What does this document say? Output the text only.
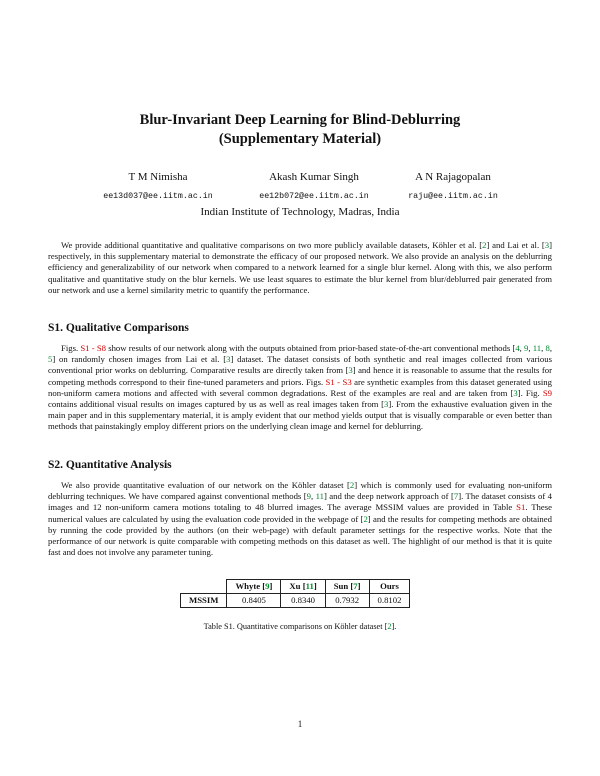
Blur-Invariant Deep Learning for Blind-Deblurring
(Supplementary Material)
T M Nimisha
ee13d037@ee.iitm.ac.in
Akash Kumar Singh
ee12b072@ee.iitm.ac.in
A N Rajagopalan
raju@ee.iitm.ac.in
Indian Institute of Technology, Madras, India

We provide additional quantitative and qualitative comparisons on two more publicly available datasets, Köhler et al. [2] and Lai et al. [3] respectively, in this supplementary material to demonstrate the efficacy of our proposed network. We also provide an analysis on the deblurring efficiency and generalizability of our network when compared to a network learned for a single blur kernel. Along with this, we also perform qualitative and quantitative study on the blur kernels. We use least squares to estimate the blur kernel from blur/deblurred pair generated from our network and use a kernel similarity metric to quantify the performance.

S1. Qualitative Comparisons

Figs. S1 - S8 show results of our network along with the outputs obtained from prior-based state-of-the-art conventional methods [4, 9, 11, 8, 5] on randomly chosen images from Lai et al. [3] dataset. The dataset consists of both synthetic and real images collected from various conventional prior works on deblurring. Comparative results are directly taken from [3] and hence it is reasonable to assume that the results for competing methods correspond to their fine-tuned parameters and priors. Figs. S1 - S3 are synthetic examples from this dataset generated using non-uniform camera motions and affected with several common degradations. Rest of the examples are real and are taken from [3]. Fig. S9 contains additional visual results on images captured by us as well as real images taken from [3]. From the exhaustive evaluation given in the main paper and in this supplementary material, it is amply evident that our method yields output that is visually comparable or even better than methods that painstakingly employ different priors on the underlying clean image and kernel for deblurring.

S2. Quantitative Analysis

We also provide quantitative evaluation of our network on the Köhler dataset [2] which is commonly used for evaluating non-uniform deblurring techniques. We have compared against conventional methods [9, 11] and the deep network approach of [7]. The dataset consists of 4 images and 12 non-uniform camera motions totaling to 48 blurred images. The average MSSIM values are provided in Table S1. These numerical values are calculated by using the evaluation code provided in the webpage of [2] and the results for competing methods are obtained by running the code provided by the authors (on their web-page) with default parameter settings for the respective works. Note that the performance of our network is quite comparable with competing methods on this dataset as well. The highlight of our method is that it is quite fast and does not involve any parameter tuning.

	Whyte [9]	Xu [11]	Sun [7]	Ours
MSSIM	0.8405	0.8340	0.7932	0.8102
Table S1. Quantitative comparisons on Köhler dataset [2].
1
